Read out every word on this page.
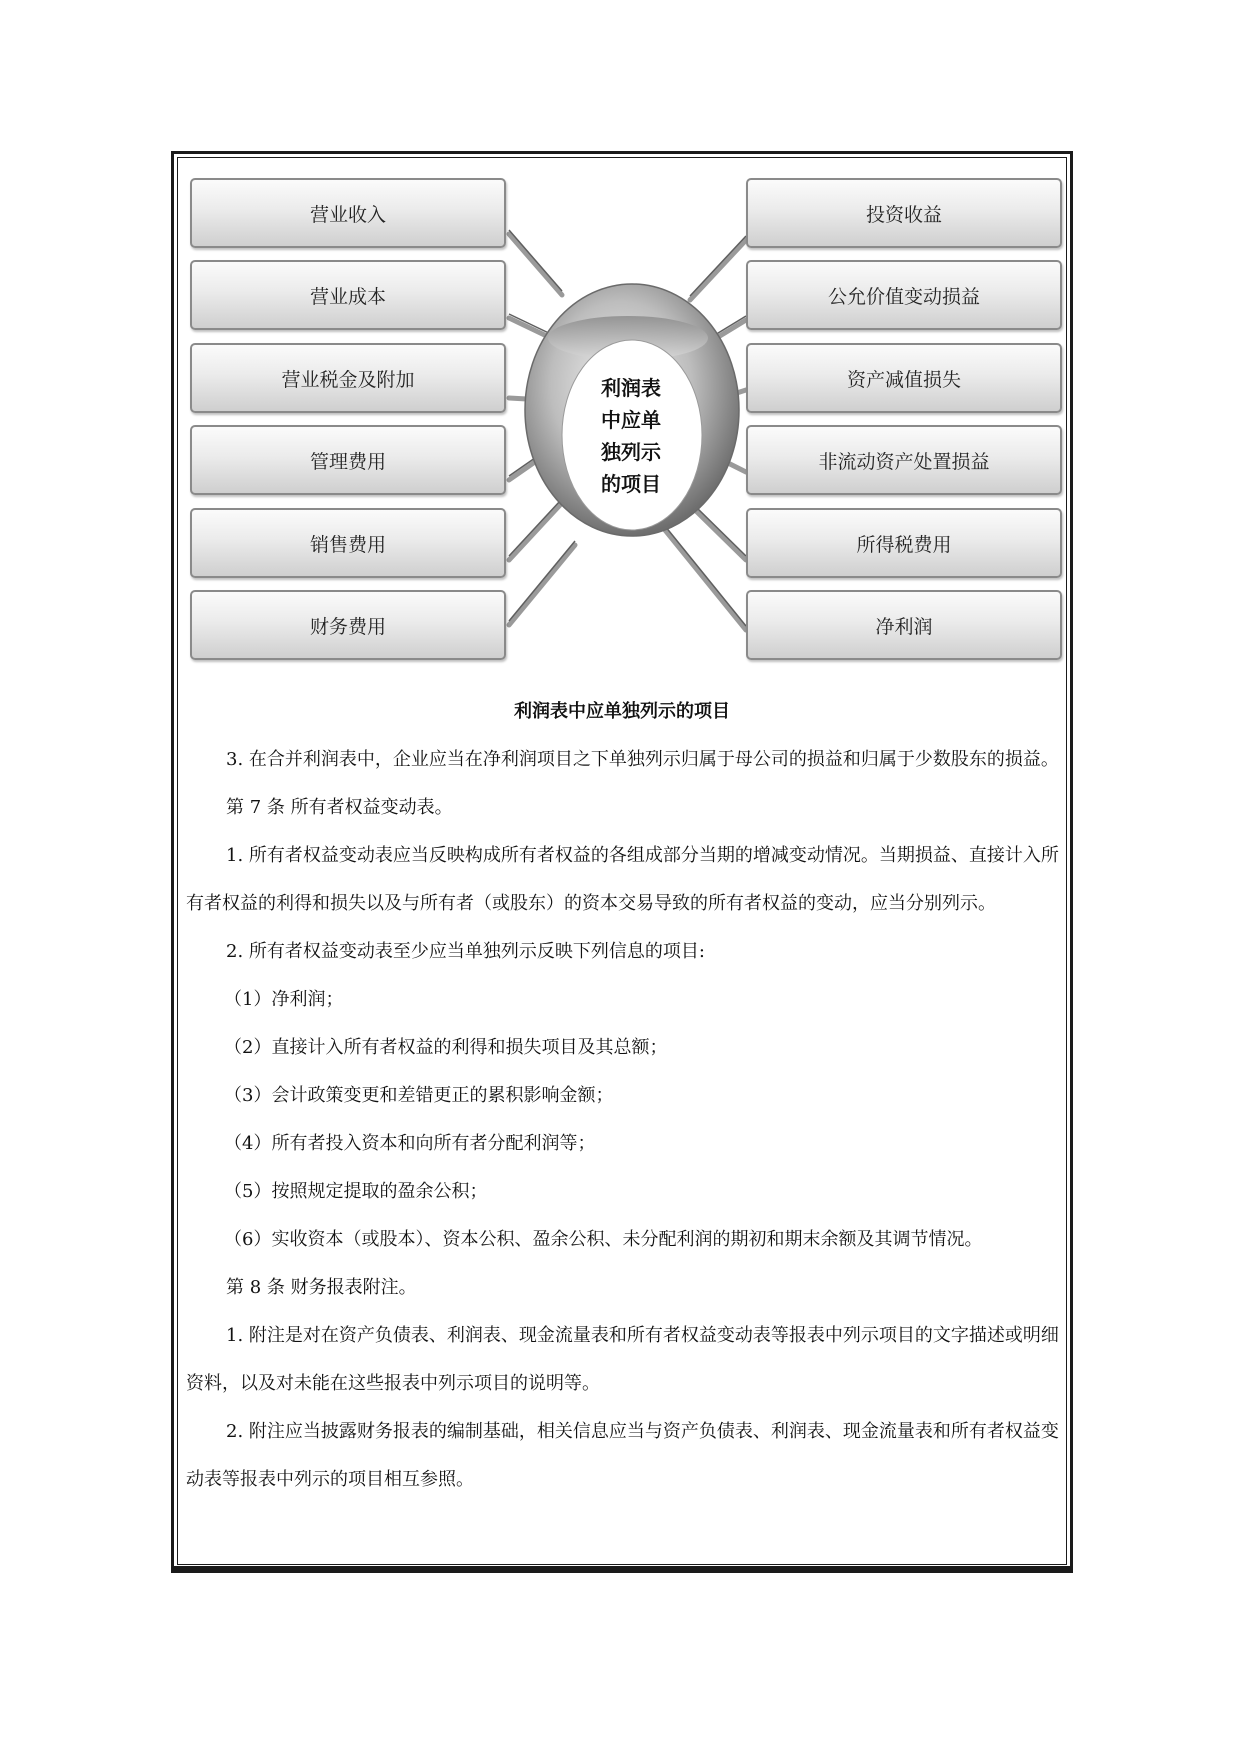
营业收入
营业成本
营业税金及附加
管理费用
销售费用
财务费用
投资收益
公允价值变动损益
资产减值损失
非流动资产处置损益
所得税费用
净利润
利润表
中应单
独列示
的项目
利润表中应单独列示的项目

3. 在合并利润表中，企业应当在净利润项目之下单独列示归属于母公司的损益和归属于少数股东的损益。

第 7 条 所有者权益变动表。

1. 所有者权益变动表应当反映构成所有者权益的各组成部分当期的增减变动情况。当期损益、直接计入所有者权益的利得和损失以及与所有者（或股东）的资本交易导致的所有者权益的变动，应当分别列示。

2. 所有者权益变动表至少应当单独列示反映下列信息的项目:

（1）净利润；

（2）直接计入所有者权益的利得和损失项目及其总额；

（3）会计政策变更和差错更正的累积影响金额；

（4）所有者投入资本和向所有者分配利润等；

（5）按照规定提取的盈余公积；

（6）实收资本（或股本）、资本公积、盈余公积、未分配利润的期初和期末余额及其调节情况。

第 8 条 财务报表附注。

1. 附注是对在资产负债表、利润表、现金流量表和所有者权益变动表等报表中列示项目的文字描述或明细资料，以及对未能在这些报表中列示项目的说明等。

2. 附注应当披露财务报表的编制基础，相关信息应当与资产负债表、利润表、现金流量表和所有者权益变动表等报表中列示的项目相互参照。
